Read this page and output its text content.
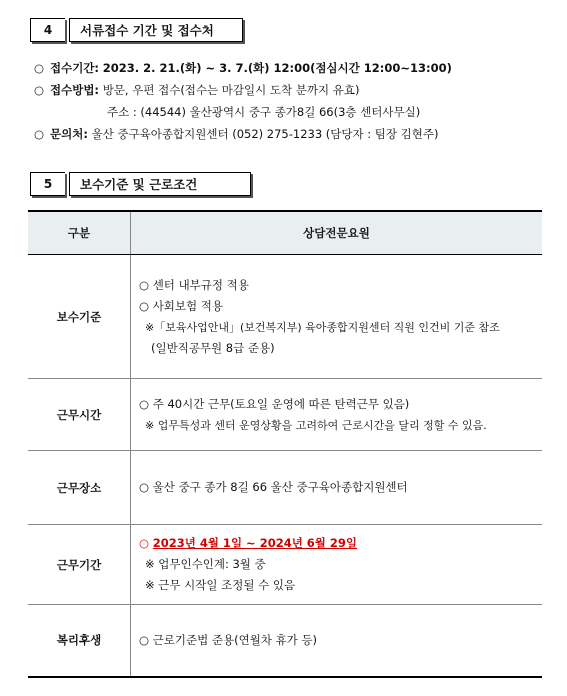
4	서류접수 기간 및 접수처
○ 접수기간: 2023. 2. 21.(화) ~ 3. 7.(화) 12:00(점심시간 12:00~13:00)
○ 접수방법: 방문, 우편 접수(접수는 마감일시 도착 분까지 유효)
주소 : (44544) 울산광역시 중구 종가8길 66(3층 센터사무실)
○ 문의처: 울산 중구육아종합지원센터 (052) 275-1233 (담당자 : 팀장 김현주)
5	보수기준 및 근로조건
구분	상담전문요원
보수기준	○ 센터 내부규정 적용
○ 사회보험 적용
※「보육사업안내」(보건복지부) 육아종합지원센터 직원 인건비 기준 참조
(일반직공무원 8급 준용)

근무시간	○ 주 40시간 근무(토요일 운영에 따른 탄력근무 있음)
※ 업무특성과 센터 운영상황을 고려하여 근로시간을 달리 정할 수 있음.

근무장소	○ 울산 중구 종가 8길 66 울산 중구육아종합지원센터

근무기간	○ 2023년 4월 1일 ~ 2024년 6월 29일
※ 업무인수인계: 3월 중
※ 근무 시작일 조정될 수 있음

복리후생	○ 근로기준법 준용(연월차 휴가 등)
